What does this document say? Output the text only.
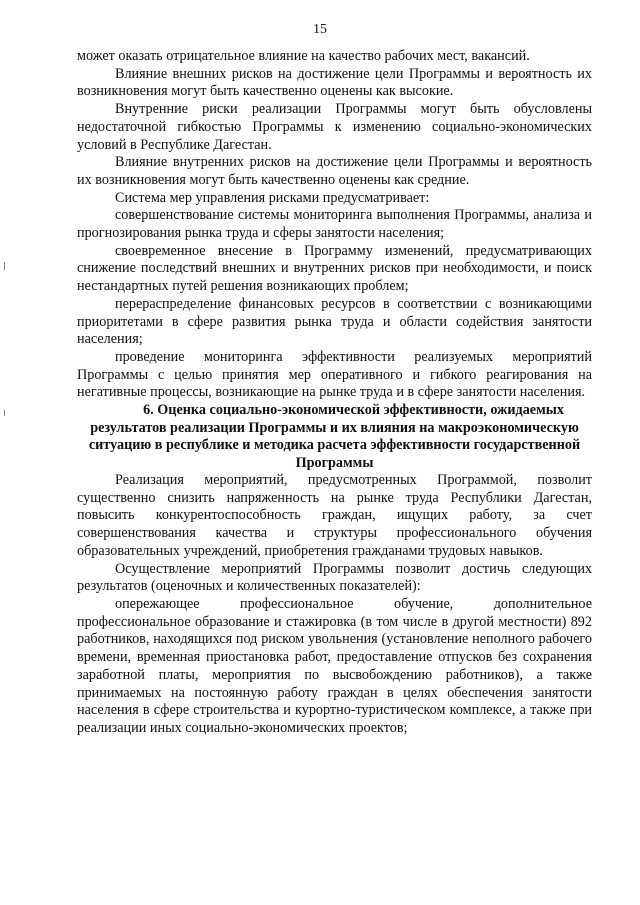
15

может оказать отрицательное влияние на качество рабочих мест, вакансий.

Влияние внешних рисков на достижение цели Программы и вероятность их возникновения могут быть качественно оценены как высокие.

Внутренние риски реализации Программы могут быть обусловлены недостаточной гибкостью Программы к изменению социально-экономических условий в Республике Дагестан.

Влияние внутренних рисков на достижение цели Программы и вероятность их возникновения могут быть качественно оценены как средние.

Система мер управления рисками предусматривает:

совершенствование системы мониторинга выполнения Программы, анализа и прогнозирования рынка труда и сферы занятости населения;

своевременное внесение в Программу изменений, предусматривающих снижение последствий внешних и внутренних рисков при необходимости, и поиск нестандартных путей решения возникающих проблем;

перераспределение финансовых ресурсов в соответствии с возникающими приоритетами в сфере развития рынка труда и области содействия занятости населения;

проведение мониторинга эффективности реализуемых мероприятий Программы с целью принятия мер оперативного и гибкого реагирования на негативные процессы, возникающие на рынке труда и в сфере занятости населения.

6. Оценка социально-экономической эффективности, ожидаемых результатов реализации Программы и их влияния на макроэкономическую ситуацию в республике и методика расчета эффективности государственной Программы

Реализация мероприятий, предусмотренных Программой, позволит существенно снизить напряженность на рынке труда Республики Дагестан, повысить конкурентоспособность граждан, ищущих работу, за счет совершенствования качества и структуры профессионального обучения образовательных учреждений, приобретения гражданами трудовых навыков.

Осуществление мероприятий Программы позволит достичь следующих результатов (оценочных и количественных показателей):

опережающее профессиональное обучение, дополнительное профессиональное образование и стажировка (в том числе в другой местности) 892 работников, находящихся под риском увольнения (установление неполного рабочего времени, временная приостановка работ, предоставление отпусков без сохранения заработной платы, мероприятия по высвобождению работников), а также принимаемых на постоянную работу граждан в целях обеспечения занятости населения в сфере строительства и курортно-туристическом комплексе, а также при реализации иных социально-экономических проектов;
